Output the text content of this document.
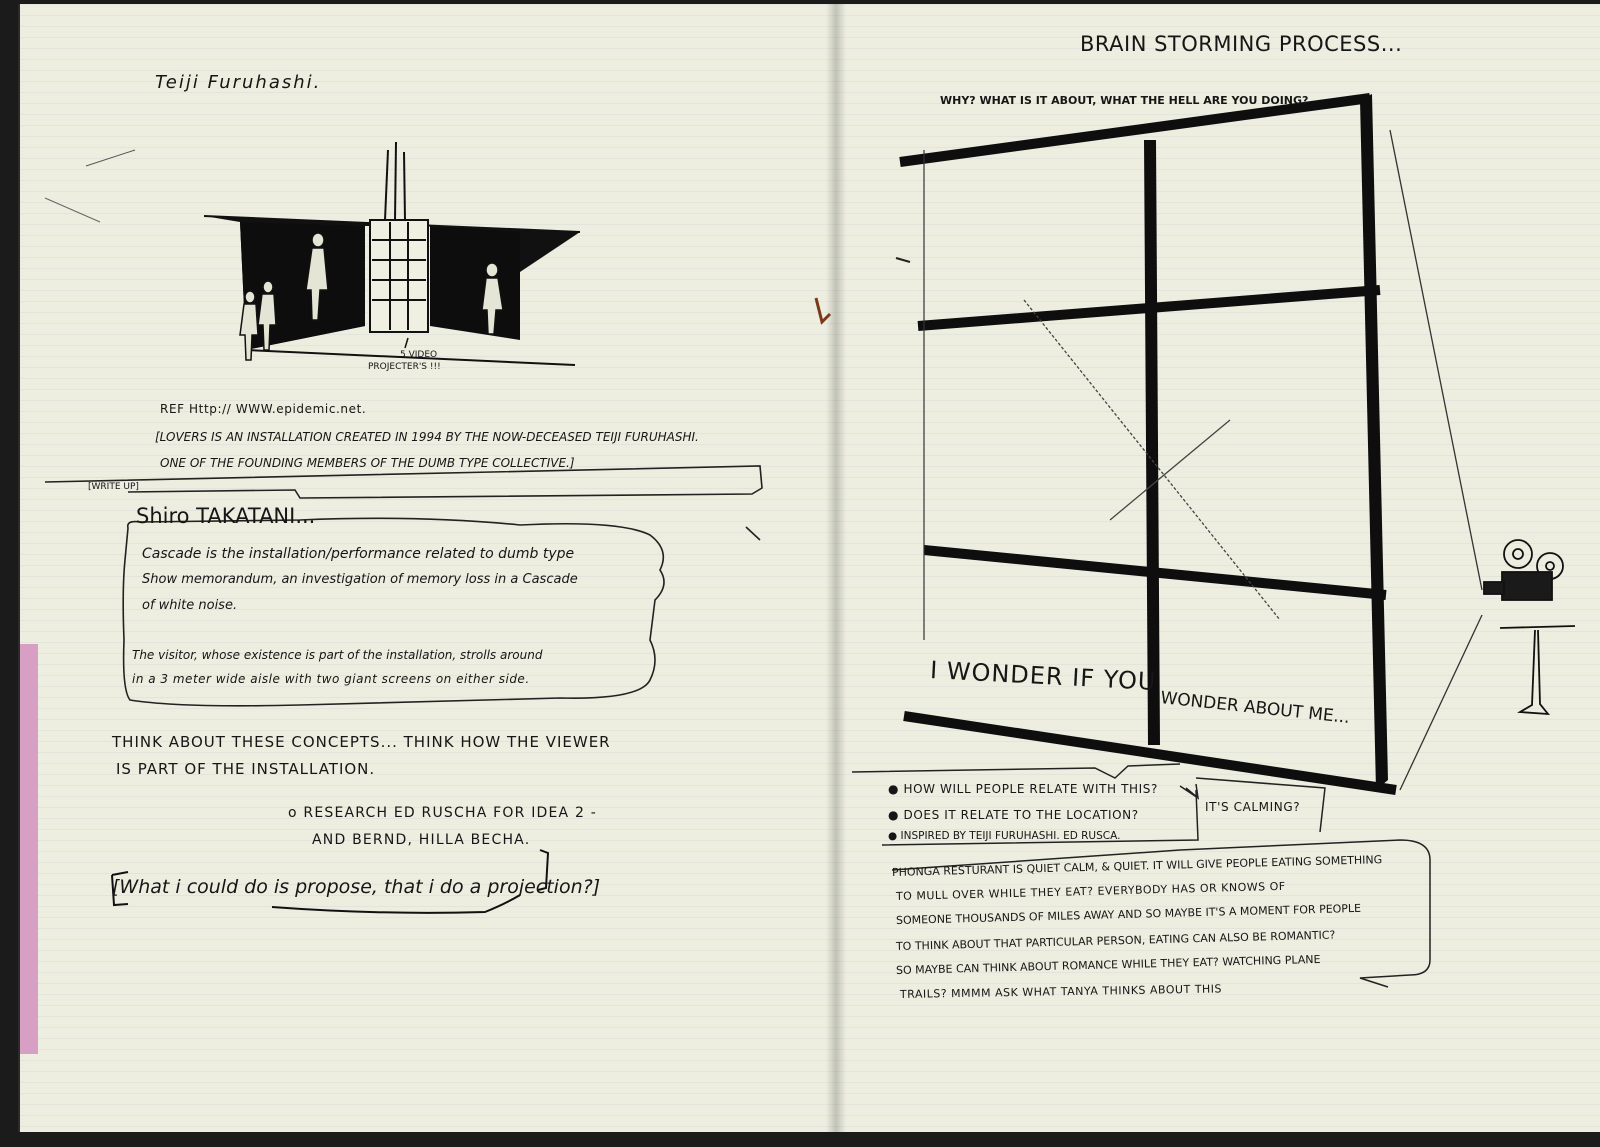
Teiji Furuhashi.
5 VIDEO
PROJECTER'S !!!
REF Http:// WWW.epidemic.net.
[LOVERS IS AN INSTALLATION CREATED IN 1994 BY THE NOW-DECEASED TEIJI FURUHASHI.
ONE OF THE FOUNDING MEMBERS OF THE DUMB TYPE COLLECTIVE.]
[WRITE UP]
Shiro TAKATANI...
Cascade is the installation/performance related to dumb type
Show memorandum, an investigation of memory loss in a Cascade
of white noise.
The visitor, whose existence is part of the installation, strolls around
in a 3 meter wide aisle with two giant screens on either side.
THINK ABOUT THESE CONCEPTS... THINK HOW THE VIEWER
IS PART OF THE INSTALLATION.
o RESEARCH ED RUSCHA FOR IDEA 2 -
AND BERND, HILLA BECHA.
[What i could do is propose, that i do a projection?]
BRAIN STORMING PROCESS...
WHY? WHAT IS IT ABOUT, WHAT THE HELL ARE YOU DOING?
I WONDER IF YOU
WONDER ABOUT ME...
● HOW WILL PEOPLE RELATE WITH THIS?
● DOES IT RELATE TO THE LOCATION?
● INSPIRED BY TEIJI FURUHASHI. ED RUSCA.
IT'S CALMING?
PHONGA RESTURANT IS QUIET CALM, & QUIET. IT WILL GIVE PEOPLE EATING SOMETHING
TO MULL OVER WHILE THEY EAT? EVERYBODY HAS OR KNOWS OF
SOMEONE THOUSANDS OF MILES AWAY AND SO MAYBE IT'S A MOMENT FOR PEOPLE
TO THINK ABOUT THAT PARTICULAR PERSON, EATING CAN ALSO BE ROMANTIC?
SO MAYBE CAN THINK ABOUT ROMANCE WHILE THEY EAT? WATCHING PLANE
TRAILS? MMMM ASK WHAT TANYA THINKS ABOUT THIS
